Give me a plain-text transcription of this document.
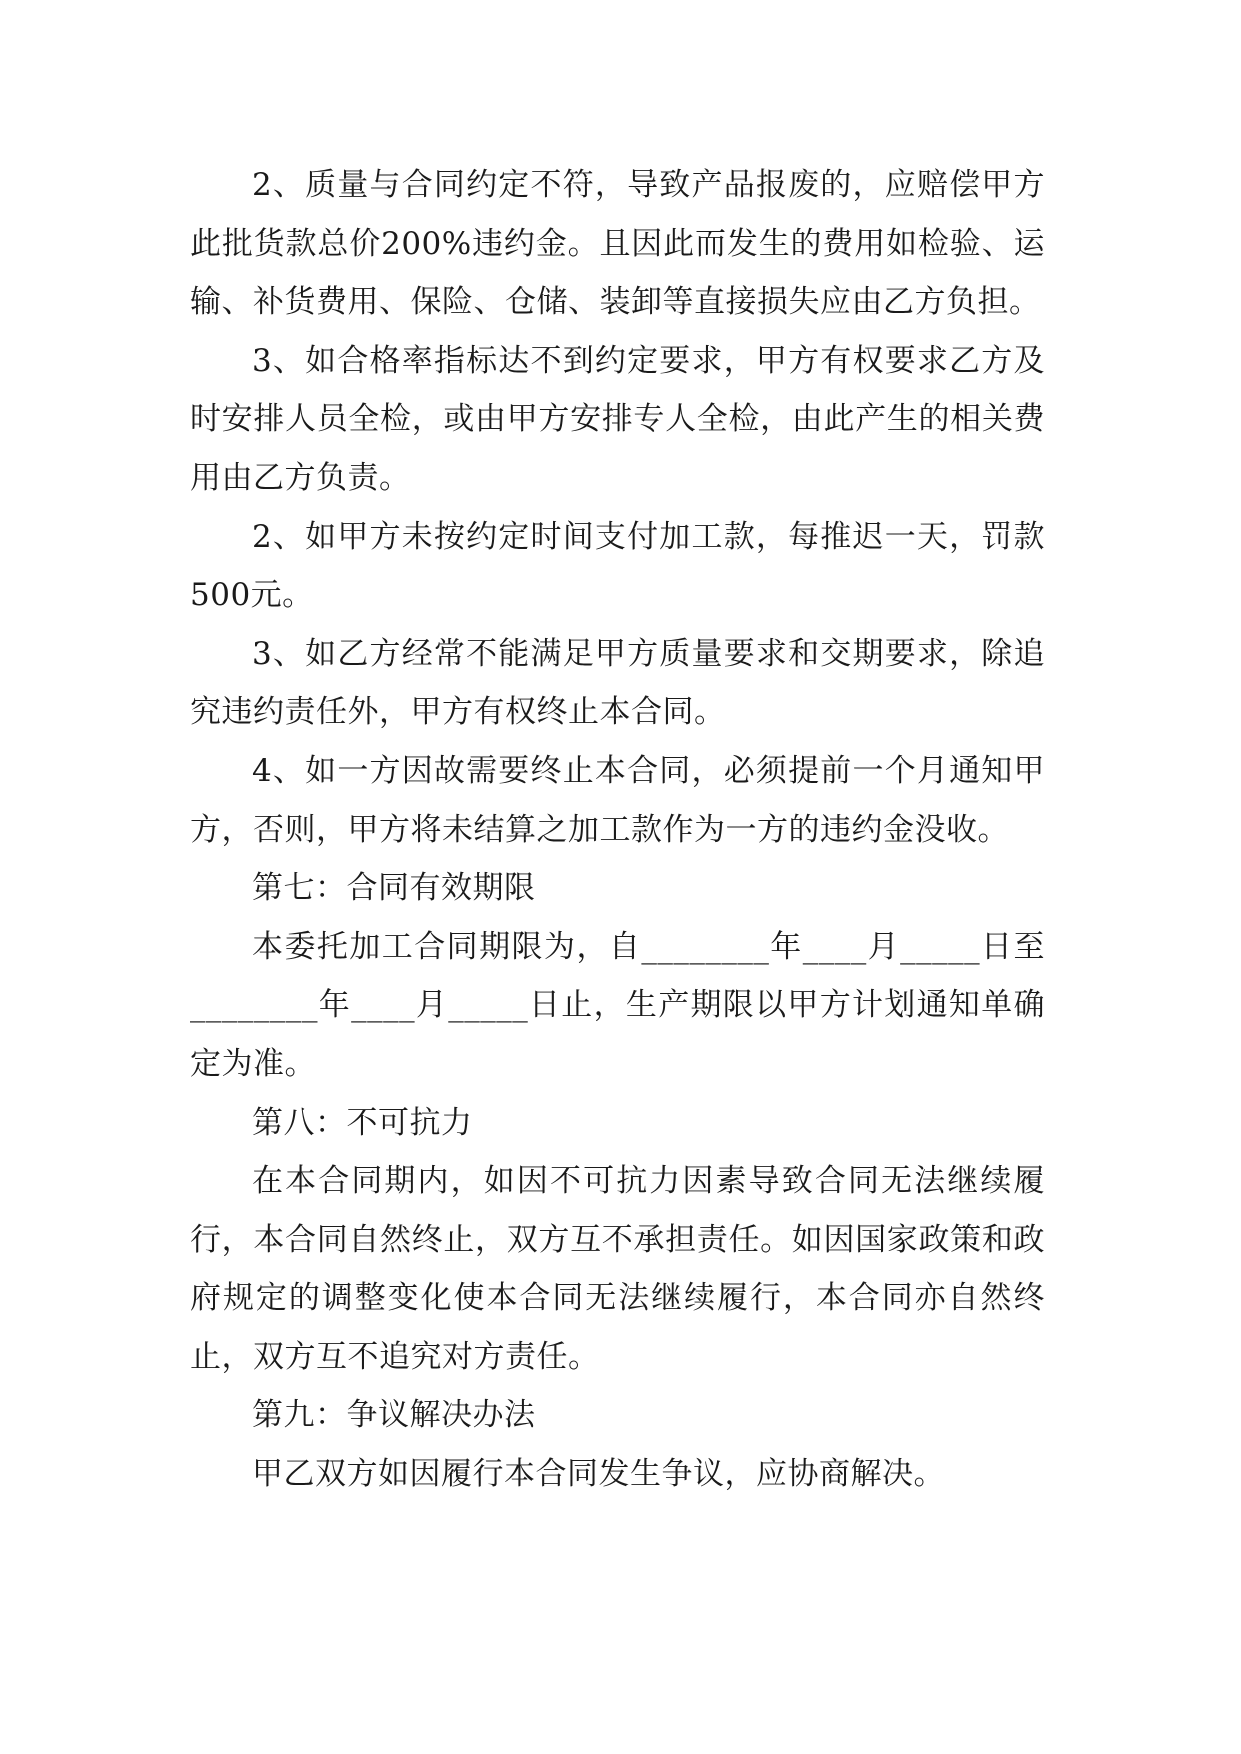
2、质量与合同约定不符，导致产品报废的，应赔偿甲方此批货款总价200%违约金。且因此而发生的费用如检验、运输、补货费用、保险、仓储、装卸等直接损失应由乙方负担。

3、如合格率指标达不到约定要求，甲方有权要求乙方及时安排人员全检，或由甲方安排专人全检，由此产生的相关费用由乙方负责。

2、如甲方未按约定时间支付加工款，每推迟一天，罚款500元。

3、如乙方经常不能满足甲方质量要求和交期要求，除追究违约责任外，甲方有权终止本合同。

4、如一方因故需要终止本合同，必须提前一个月通知甲方，否则，甲方将未结算之加工款作为一方的违约金没收。

第七：合同有效期限

本委托加工合同期限为，自________年____月_____日至________年____月_____日止，生产期限以甲方计划通知单确定为准。

第八：不可抗力

在本合同期内，如因不可抗力因素导致合同无法继续履行，本合同自然终止，双方互不承担责任。如因国家政策和政府规定的调整变化使本合同无法继续履行，本合同亦自然终止，双方互不追究对方责任。

第九：争议解决办法

甲乙双方如因履行本合同发生争议，应协商解决。
